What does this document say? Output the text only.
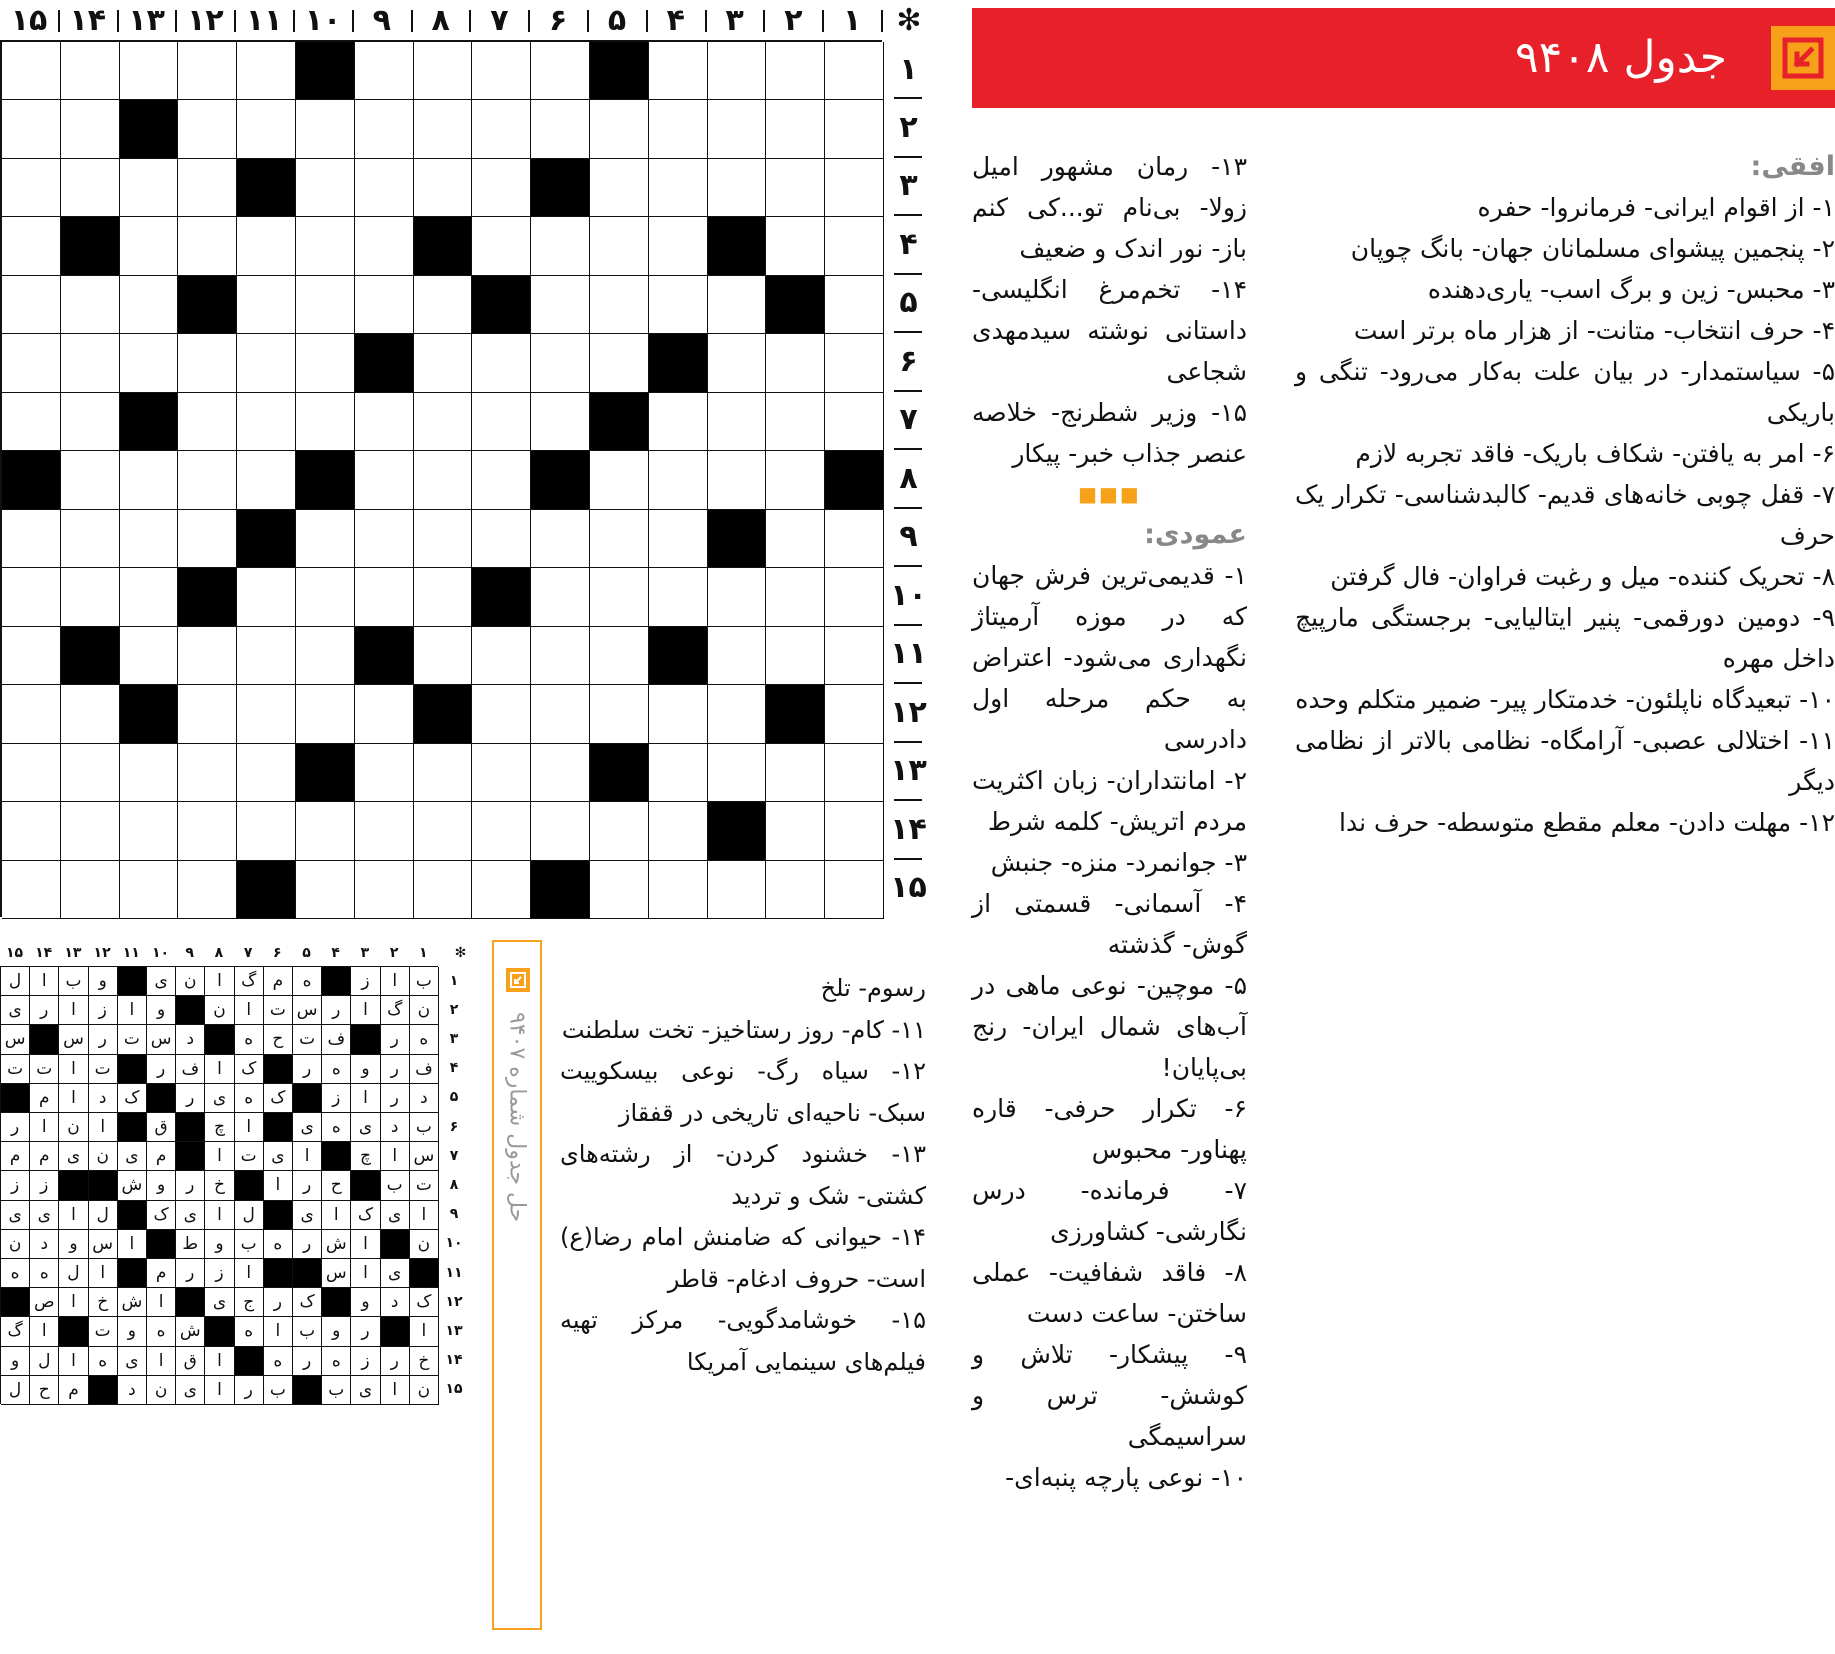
✻
۱
۲
۳
۴
۵
۶
۷
۸
۹
۱۰
۱۱
۱۲
۱۳
۱۴
۱۵
۱
۲
۳
۴
۵
۶
۷
۸
۹
۱۰
۱۱
۱۲
۱۳
۱۴
۱۵
جدول ۹۴۰۸

افقی:

۱- از اقوام ایرانی- فرمانروا- حفره

۲- پنجمین پیشوای مسلمانان جهان- بانگ چوپان

۳- محبس- زین و برگ اسب- یاری‌دهنده

۴- حرف انتخاب- متانت- از هزار ماه برتر است

۵- سیاستمدار- در بیان علت به‌کار می‌رود- تنگی و باریکی

۶- امر به یافتن- شکاف باریک- فاقد تجربه لازم

۷- قفل چوبی خانه‌های قدیم- کالبدشناسی- تکرار یک حرف

۸- تحریک کننده- میل و رغبت فراوان- فال گرفتن

۹- دومین دورقمی- پنیر ایتالیایی- برجستگی مارپیچ داخل مهره

۱۰- تبعیدگاه ناپلئون- خدمتکار پیر- ضمیر متکلم وحده

۱۱- اختلالی عصبی- آرامگاه- نظامی بالاتر از نظامی دیگر

۱۲- مهلت دادن- معلم مقطع متوسطه- حرف ندا

۱۳- رمان مشهور امیل زولا- بی‌نام تو...کی کنم باز- نور اندک و ضعیف

۱۴- تخم‌مرغ انگلیسی- داستانی نوشته سیدمهدی شجاعی

۱۵- وزیر شطرنج- خلاصه عنصر جذاب خبر- پیکار

■■■

عمودی:

۱- قدیمی‌ترین فرش جهان که در موزه آرمیتاژ نگهداری می‌شود- اعتراض به حکم مرحله اول دادرسی

۲- امانتداران- زبان اکثریت مردم اتریش- کلمه شرط

۳- جوانمرد- منزه- جنبش

۴- آسمانی- قسمتی از گوش- گذشته

۵- موچین- نوعی ماهی در آب‌های شمال ایران- رنج بی‌پایان!

۶- تکرار حرفی- قاره پهناور- محبوس

۷- فرمانده- درس نگارشی- کشاورزی

۸- فاقد شفافیت- عملی ساختن- ساعت دست

۹- پیشکار- تلاش و کوشش- ترس و سراسیمگی

۱۰- نوعی پارچه پنبه‌ای-

رسوم- تلخ

۱۱- کام- روز رستاخیز- تخت سلطنت

۱۲- سیاه رگ- نوعی بیسکوییت سبک- ناحیه‌ای تاریخی در قفقاز

۱۳- خشنود کردن- از رشته‌های کشتی- شک و تردید

۱۴- حیوانی که ضامنش امام رضا(ع) است- حروف ادغام- قاطر

۱۵- خوشامدگویی- مرکز تهیه فیلم‌های سینمایی آمریکا

حل جدول شماره ۹۴۰۷
✻
۱
۲
۳
۴
۵
۶
۷
۸
۹
۱۰
۱۱
۱۲
۱۳
۱۴
۱۵
ب
ا
ز
ه
م
گ
ا
ن
ی
و
ب
ا
ل
ن
گ
ا
ر
س
ت
ا
ن
و
ا
ز
ا
ر
ی
ه
ر
ف
ت
ح
ه
د
س
ت
ر
س
س
ف
ر
و
ه
ر
ک
ا
ف
ر
ت
ا
ت
ت
د
ر
ا
ز
ک
ه
ی
ر
ک
د
ا
م
ب
د
ی
ه
ی
ا
چ
ق
ا
ن
ا
ر
س
ا
چ
ا
ی
ت
ا
م
ی
ن
ی
م
م
ت
ب
ح
ر
ا
خ
ر
و
ش
ز
ز
ا
ی
ک
ا
ی
ل
ا
ی
ک
ل
ا
ی
ی
ن
ا
ش
ر
ه
ب
و
ط
ا
س
و
د
ن
ی
ا
س
ا
ز
ر
م
ا
ل
ه
ه
ک
د
و
ک
ر
ج
ی
ا
ش
خ
ا
ص
ا
ر
و
ب
ا
ه
ش
ه
و
ت
ا
گ
خ
ر
ز
ه
ر
ه
ا
ق
ا
ی
ه
ا
ل
و
ن
ا
ی
ب
ب
ر
ا
ی
ن
د
م
ح
ل
۱
۲
۳
۴
۵
۶
۷
۸
۹
۱۰
۱۱
۱۲
۱۳
۱۴
۱۵
